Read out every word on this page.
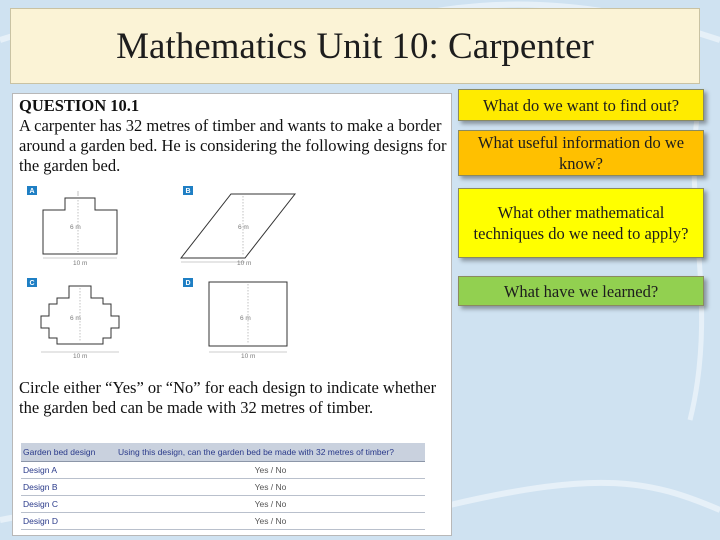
Mathematics Unit 10: Carpenter
QUESTION 10.1
A carpenter has 32 metres of timber and wants to make a border around a garden bed. He is considering the following designs for the garden bed.
A
6 m
10 m
B
6 m
10 m
C
6 m
10 m
D
6 m
10 m
Circle either “Yes” or “No” for each design to indicate whether the garden bed can be made with 32 metres of timber.
Garden bed design	Using this design, can the garden bed be made with 32 metres of timber?
Design A	Yes / No
Design B	Yes / No
Design C	Yes / No
Design D	Yes / No
What do we want to find out?
What useful information do we know?
What other mathematical techniques do we need to apply?
What have we learned?
